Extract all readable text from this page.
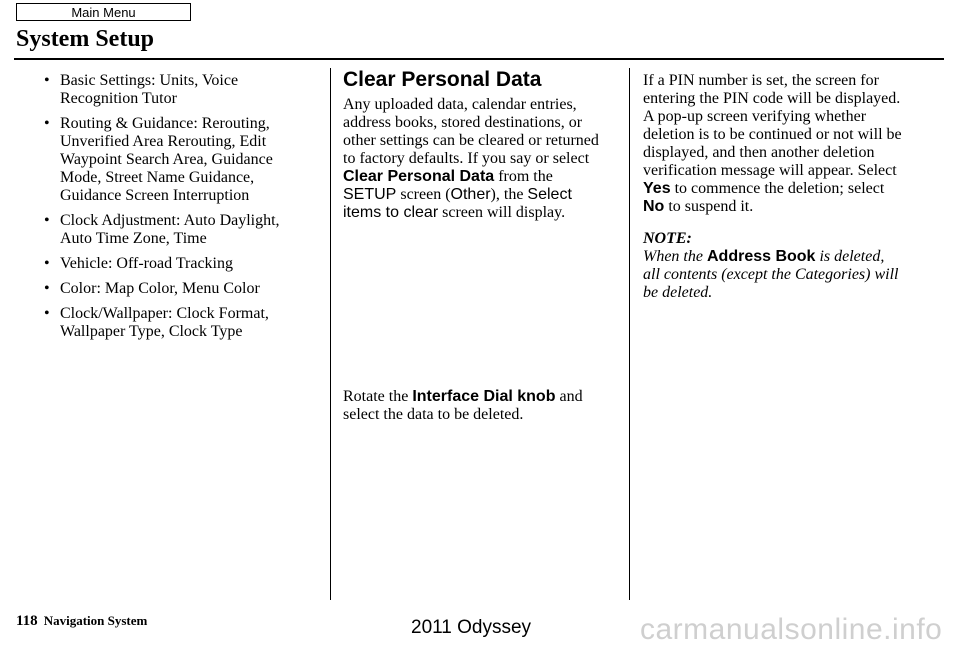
Main Menu
System Setup
• Basic Settings: Units, Voice
Recognition Tutor
• Routing & Guidance: Rerouting,
Unverified Area Rerouting, Edit
Waypoint Search Area, Guidance
Mode, Street Name Guidance,
Guidance Screen Interruption
• Clock Adjustment: Auto Daylight,
Auto Time Zone, Time
• Vehicle: Off-road Tracking
• Color: Map Color, Menu Color
• Clock/Wallpaper: Clock Format,
Wallpaper Type, Clock Type
Clear Personal Data

Any uploaded data, calendar entries,
address books, stored destinations, or
other settings can be cleared or returned
to factory defaults. If you say or select
Clear Personal Data from the
SETUP screen (Other), the Select
items to clear screen will display.

Rotate the Interface Dial knob and
select the data to be deleted.

If a PIN number is set, the screen for
entering the PIN code will be displayed.
A pop-up screen verifying whether
deletion is to be continued or not will be
displayed, and then another deletion
verification message will appear. Select
Yes to commence the deletion; select
No to suspend it.

NOTE:

When the Address Book is deleted,
all contents (except the Categories) will
be deleted.

118 Navigation System	2011 Odyssey	carmanualsonline.info
